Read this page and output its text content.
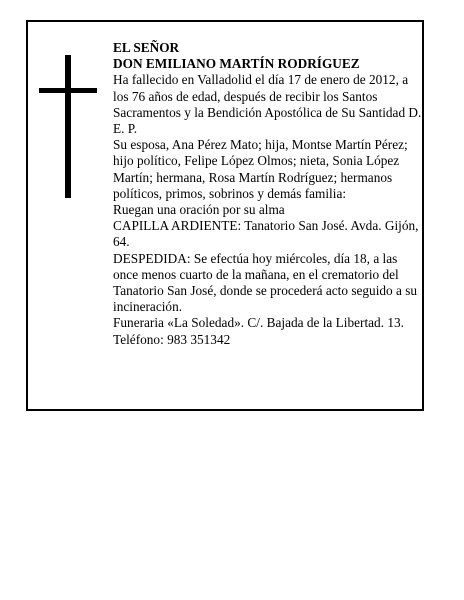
EL SEÑOR

DON EMILIANO MARTÍN RODRÍGUEZ

Ha fallecido en Valladolid el día 17 de enero de 2012, a los 76 años de edad, después de recibir los Santos Sacramentos y la Bendición Apostólica de Su Santidad D. E. P.

Su esposa, Ana Pérez Mato; hija, Montse Martín Pérez; hijo político, Felipe López Olmos; nieta, Sonia López Martín; hermana, Rosa Martín Rodríguez; hermanos políticos, primos, sobrinos y demás familia:

Ruegan una oración por su alma

CAPILLA ARDIENTE: Tanatorio San José. Avda. Gijón, 64.

DESPEDIDA: Se efectúa hoy miércoles, día 18, a las once menos cuarto de la mañana, en el crematorio del Tanatorio San José, donde se procederá acto seguido a su incineración.

Funeraria «La Soledad». C/. Bajada de la Libertad. 13. Teléfono: 983 351342
